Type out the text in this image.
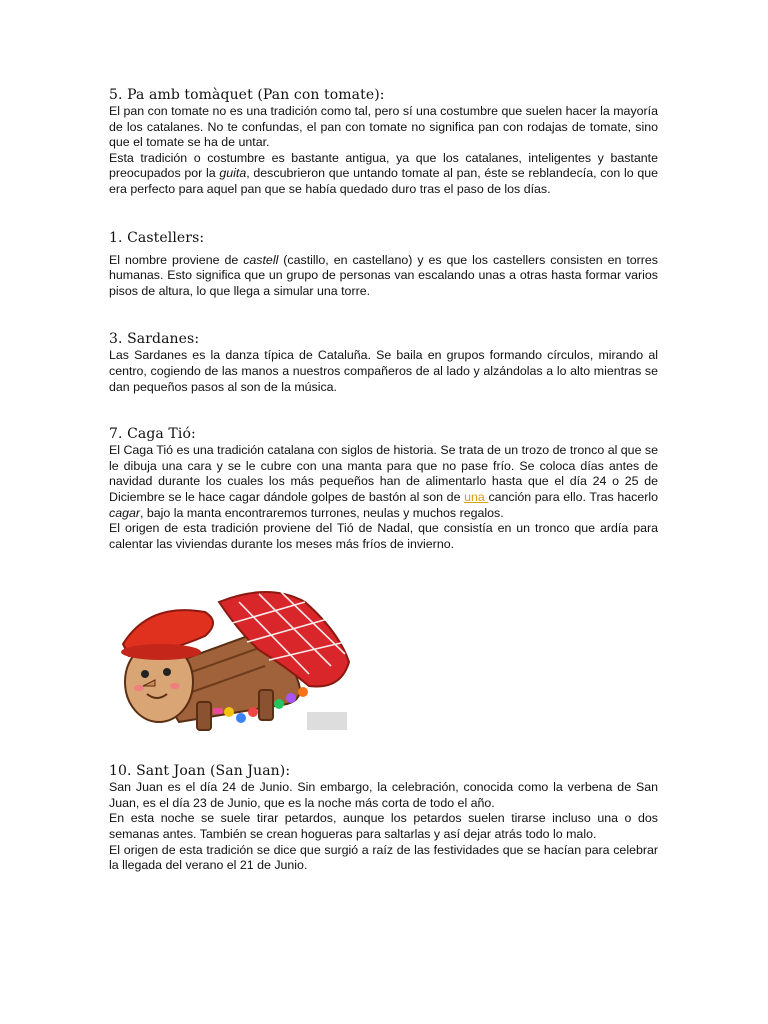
5. Pa amb tomàquet (Pan con tomate):

El pan con tomate no es una tradición como tal, pero sí una costumbre que suelen hacer la mayoría de los catalanes. No te confundas, el pan con tomate no significa pan con rodajas de tomate, sino que el tomate se ha de untar.

Esta tradición o costumbre es bastante antigua, ya que los catalanes, inteligentes y bastante preocupados por la guita, descubrieron que untando tomate al pan, éste se reblandecía, con lo que era perfecto para aquel pan que se había quedado duro tras el paso de los días.

1. Castellers:

El nombre proviene de castell (castillo, en castellano) y es que los castellers consisten en torres humanas. Esto significa que un grupo de personas van escalando unas a otras hasta formar varios pisos de altura, lo que llega a simular una torre.

3. Sardanes:

Las Sardanes es la danza típica de Cataluña. Se baila en grupos formando círculos, mirando al centro, cogiendo de las manos a nuestros compañeros de al lado y alzándolas a lo alto mientras se dan pequeños pasos al son de la música.

7. Caga Tió:

El Caga Tió es una tradición catalana con siglos de historia. Se trata de un trozo de tronco al que se le dibuja una cara y se le cubre con una manta para que no pase frío. Se coloca días antes de navidad durante los cuales los más pequeños han de alimentarlo hasta que el día 24 o 25 de Diciembre se le hace cagar dándole golpes de bastón al son de una canción para ello. Tras hacerlo cagar, bajo la manta encontraremos turrones, neulas y muchos regalos.

El origen de esta tradición proviene del Tió de Nadal, que consistía en un tronco que ardía para calentar las viviendas durante los meses más fríos de invierno.

10. Sant Joan (San Juan):

San Juan es el día 24 de Junio. Sin embargo, la celebración, conocida como la verbena de San Juan, es el día 23 de Junio, que es la noche más corta de todo el año.

En esta noche se suele tirar petardos, aunque los petardos suelen tirarse incluso una o dos semanas antes. También se crean hogueras para saltarlas y así dejar atrás todo lo malo.

El origen de esta tradición se dice que surgió a raíz de las festividades que se hacían para celebrar la llegada del verano el 21 de Junio.
